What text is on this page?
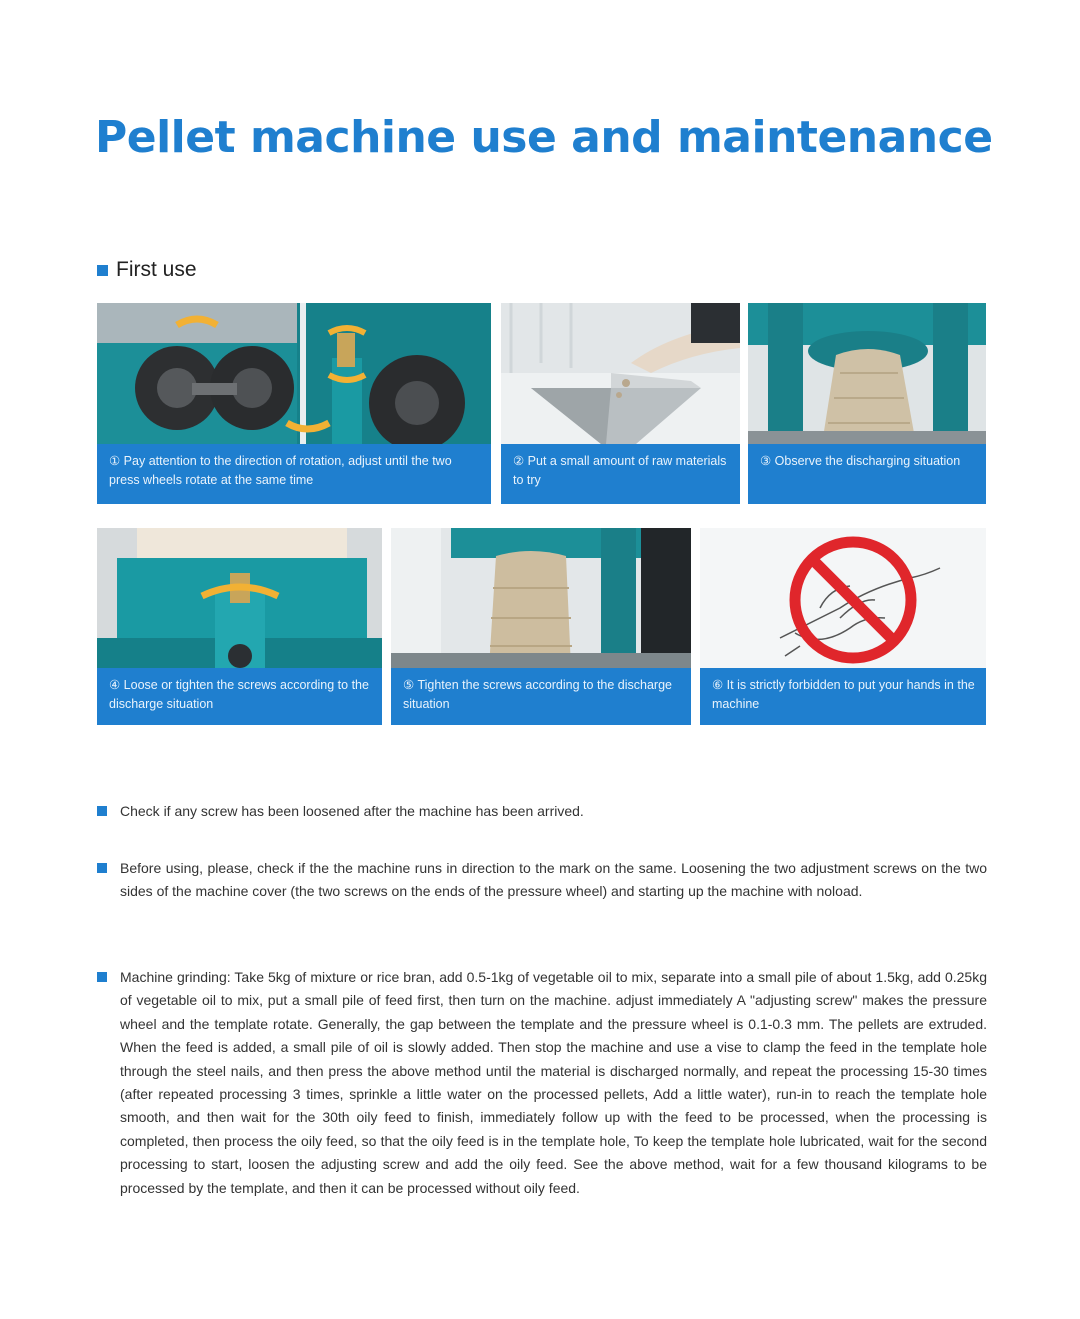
Pellet machine use and maintenance
First use
① Pay attention to the direction of rotation, adjust until the two press wheels rotate at the same time
② Put a small amount of raw materials to try
③ Observe the discharging situation
④ Loose or tighten the screws according to the discharge situation
⑤ Tighten the screws according to the discharge situation
⑥ It is strictly forbidden to put your hands in the machine

Check if any screw has been loosened after the machine has been arrived.

Before using, please, check if the the machine runs in direction to the mark on the same. Loosening the two adjustment screws on the two sides of the machine cover (the two screws on the ends of the pressure wheel) and starting up the machine with noload.

Machine grinding: Take 5kg of mixture or rice bran, add 0.5-1kg of vegetable oil to mix, separate into a small pile of about 1.5kg, add 0.25kg of vegetable oil to mix, put a small pile of feed first, then turn on the machine. adjust immediately A "adjusting screw" makes the pressure wheel and the template rotate. Generally, the gap between the template and the pressure wheel is 0.1-0.3 mm. The pellets are extruded. When the feed is added, a small pile of oil is slowly added. Then stop the machine and use a vise to clamp the feed in the template hole through the steel nails, and then press the above method until the material is discharged normally, and repeat the processing 15-30 times (after repeated processing 3 times, sprinkle a little water on the processed pellets, Add a little water), run-in to reach the template hole smooth, and then wait for the 30th oily feed to finish, immediately follow up with the feed to be processed, when the processing is completed, then process the oily feed, so that the oily feed is in the template hole, To keep the template hole lubricated, wait for the second processing to start, loosen the adjusting screw and add the oily feed. See the above method, wait for a few thousand kilograms to be processed by the template, and then it can be processed without oily feed.
